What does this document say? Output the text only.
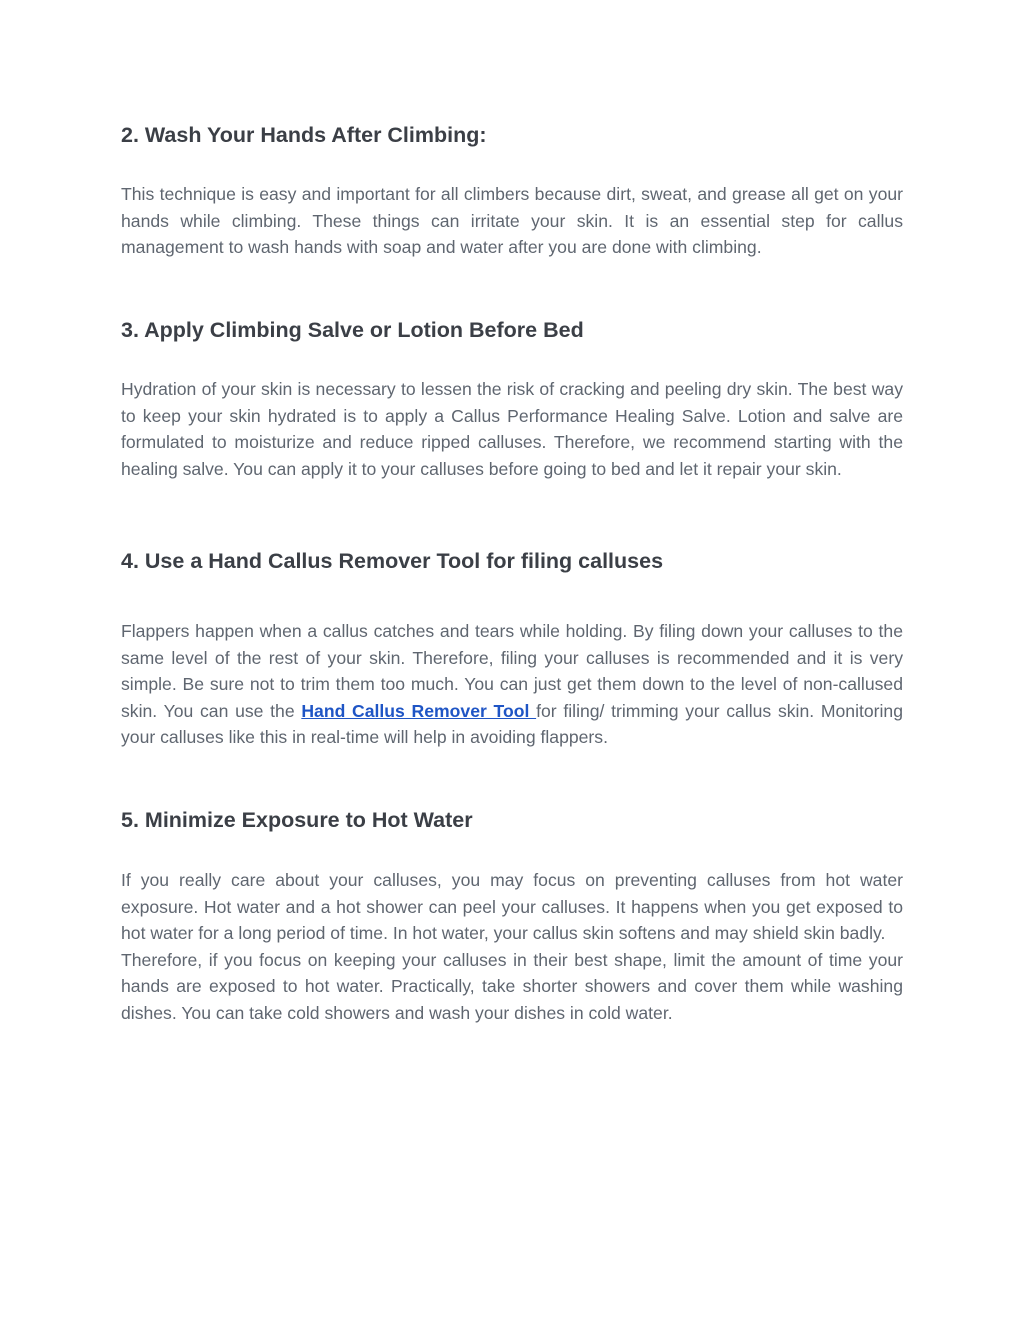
2. Wash Your Hands After Climbing:

This technique is easy and important for all climbers because dirt, sweat, and grease all get on your hands while climbing. These things can irritate your skin. It is an essential step for callus management to wash hands with soap and water after you are done with climbing.

3. Apply Climbing Salve or Lotion Before Bed

Hydration of your skin is necessary to lessen the risk of cracking and peeling dry skin. The best way to keep your skin hydrated is to apply a Callus Performance Healing Salve. Lotion and salve are formulated to moisturize and reduce ripped calluses. Therefore, we recommend starting with the healing salve. You can apply it to your calluses before going to bed and let it repair your skin.

4. Use a Hand Callus Remover Tool for filing calluses

Flappers happen when a callus catches and tears while holding. By filing down your calluses to the same level of the rest of your skin. Therefore, filing your calluses is recommended and it is very simple. Be sure not to trim them too much. You can just get them down to the level of non-callused skin. You can use the Hand Callus Remover Tool for filing/ trimming your callus skin. Monitoring your calluses like this in real-time will help in avoiding flappers.

5. Minimize Exposure to Hot Water

If you really care about your calluses, you may focus on preventing calluses from hot water exposure. Hot water and a hot shower can peel your calluses. It happens when you get exposed to hot water for a long period of time. In hot water, your callus skin softens and may shield skin badly.
Therefore, if you focus on keeping your calluses in their best shape, limit the amount of time your hands are exposed to hot water. Practically, take shorter showers and cover them while washing dishes. You can take cold showers and wash your dishes in cold water.
